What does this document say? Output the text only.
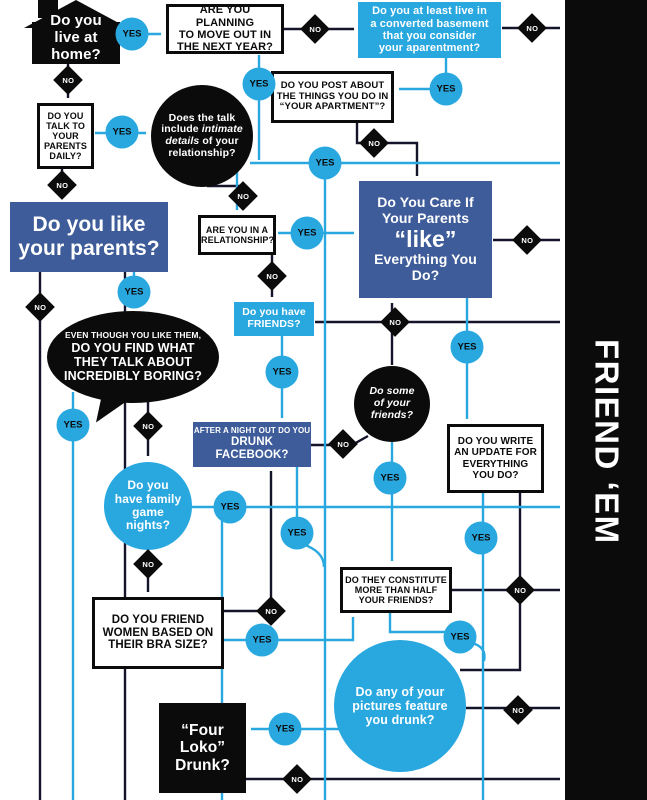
Do you
live at
home?
ARE YOU PLANNING
TO MOVE OUT IN
THE NEXT YEAR?
Do you at least live in
a converted basement
that you consider
your aparentment?
DO YOU POST ABOUT
THE THINGS YOU DO IN
“YOUR APARTMENT”?
DO YOU
TALK TO
YOUR
PARENTS
DAILY?
Does the talk
include intimate
details of your
relationship?
Do you like
your parents?
ARE YOU IN A
RELATIONSHIP?
Do You Care If
Your Parents
“like”
Everything You
Do?
Do you have
FRIENDS?
EVEN THOUGH YOU LIKE THEM,
DO YOU FIND WHAT
THEY TALK ABOUT
INCREDIBLY BORING?
Do some
of your
friends?
AFTER A NIGHT OUT DO YOU
DRUNK FACEBOOK?
DO YOU WRITE
AN UPDATE FOR
EVERYTHING
YOU DO?
Do you
have family
game
nights?
DO THEY CONSTITUTE
MORE THAN HALF
YOUR FRIENDS?
DO YOU FRIEND
WOMEN BASED ON
THEIR BRA SIZE?
Do any of your
pictures feature
you drunk?
“Four
Loko”
Drunk?
FRIEND ‘EM
YES	NO	NO
NO	YES	YES
YES
NO
YES
NO
NO
YES
NO
NO
YES
NO
NO
YES
YES
YES	NO
NO
YES
YES
YES	YES
NO
NO
NO
YES
YES
NO
YES
NO
